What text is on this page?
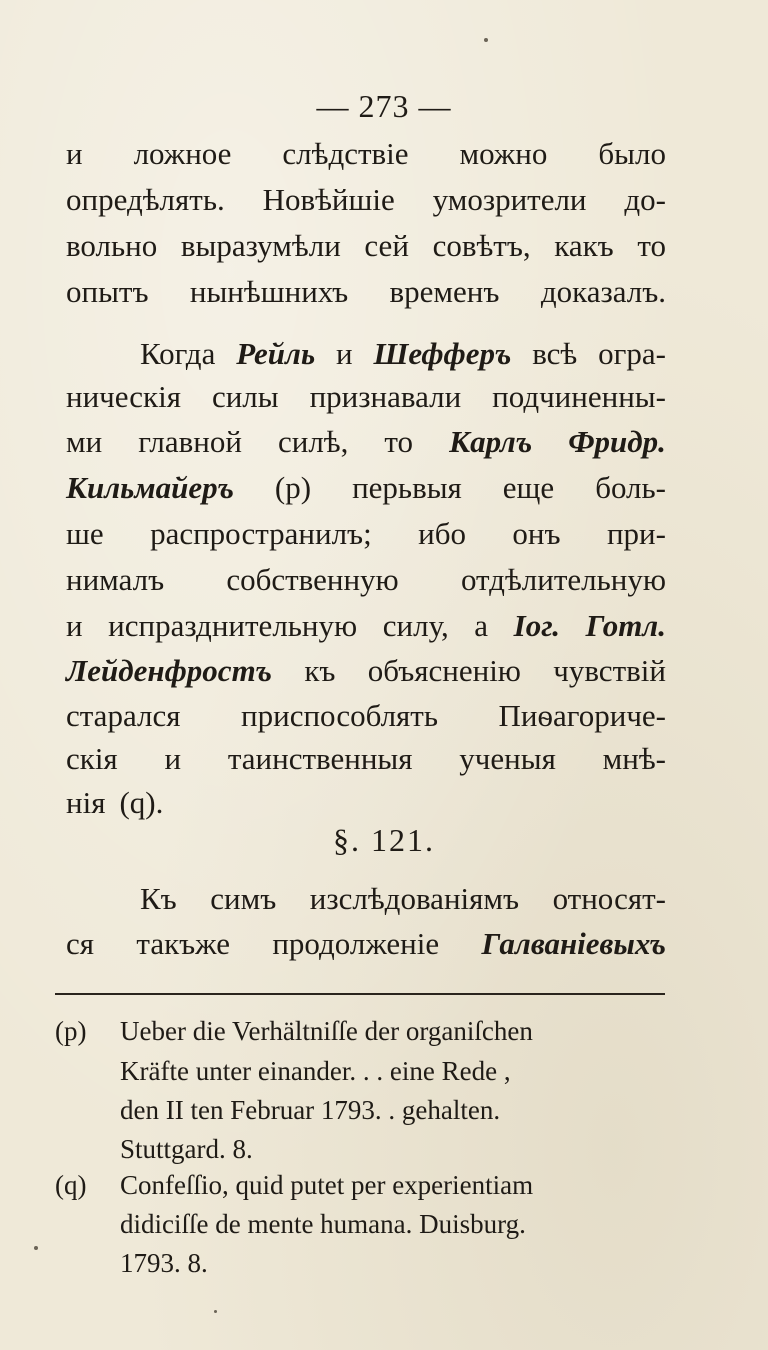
— 273 —
и ложное слѣдствіе можно было
опредѣлять. Новѣйшіе умозрители до-
вольно выразумѣли сей совѣтъ, какъ то
опытъ нынѣшнихъ временъ доказалъ.
Когда Рейль и Шефферъ всѣ огра-
ническія силы признавали подчиненны-
ми главной силѣ, то Карлъ Фридр.
Кильмайеръ (р) перьвыя еще боль-
ше распространилъ; ибо онъ при-
нималъ собственную отдѣлительную
и испразднительную силу, а Іог. Готл.
Лейденфростъ къ объясненію чувствій
старался приспособлять Пиѳагориче-
скія и таинственныя ученыя мнѣ-
нія (q).
Къ симъ изслѣдованіямъ относят-
ся такъже продолженіе Галваніевыхъ
§. 121.
(р) Ueber die Verhältniſſe der organiſchen
Kräfte unter einander. . . eine Rede ,
den II ten Februar 1793. . gehalten.
Stuttgard. 8.
(q) Confeſſio, quid putet per experientiam
didiciſſe de mente humana. Duisburg.
1793. 8.
